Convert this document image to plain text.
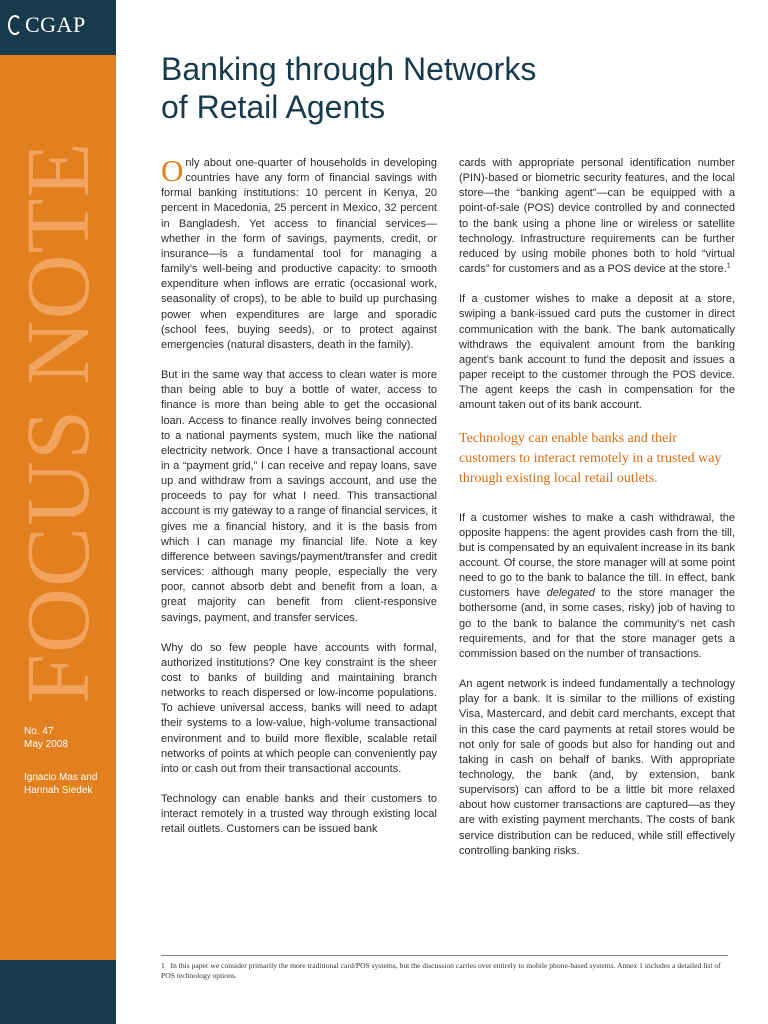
CGAP
FOCUS NOTE
No. 47
May 2008
Ignacio Mas and
Hannah Siedek
Banking through Networks
of Retail Agents

Only about one-quarter of households in developing countries have any form of financial savings with formal banking institutions: 10 percent in Kenya, 20 percent in Macedonia, 25 percent in Mexico, 32 percent in Bangladesh. Yet access to financial services—whether in the form of savings, payments, credit, or insurance—is a fundamental tool for managing a family’s well-being and productive capacity: to smooth expenditure when inflows are erratic (occasional work, seasonality of crops), to be able to build up purchasing power when expenditures are large and sporadic (school fees, buying seeds), or to protect against emergencies (natural disasters, death in the family).

But in the same way that access to clean water is more than being able to buy a bottle of water, access to finance is more than being able to get the occasional loan. Access to finance really involves being connected to a national payments system, much like the national electricity network. Once I have a transactional account in a “payment grid,” I can receive and repay loans, save up and withdraw from a savings account, and use the proceeds to pay for what I need. This transactional account is my gateway to a range of financial services, it gives me a financial history, and it is the basis from which I can manage my financial life. Note a key difference between savings/payment/transfer and credit services: although many people, especially the very poor, cannot absorb debt and benefit from a loan, a great majority can benefit from client-responsive savings, payment, and transfer services.

Why do so few people have accounts with formal, authorized institutions? One key constraint is the sheer cost to banks of building and maintaining branch networks to reach dispersed or low-income populations. To achieve universal access, banks will need to adapt their systems to a low-value, high-volume transactional environment and to build more flexible, scalable retail networks of points at which people can conveniently pay into or cash out from their transactional accounts.

Technology can enable banks and their customers to interact remotely in a trusted way through existing local retail outlets. Customers can be issued bank

cards with appropriate personal identification number (PIN)-based or biometric security features, and the local store—the “banking agent”—can be equipped with a point-of-sale (POS) device controlled by and connected to the bank using a phone line or wireless or satellite technology. Infrastructure requirements can be further reduced by using mobile phones both to hold “virtual cards” for customers and as a POS device at the store.$^1$

If a customer wishes to make a deposit at a store, swiping a bank-issued card puts the customer in direct communication with the bank. The bank automatically withdraws the equivalent amount from the banking agent’s bank account to fund the deposit and issues a paper receipt to the customer through the POS device. The agent keeps the cash in compensation for the amount taken out of its bank account.

Technology can enable banks and their customers to interact remotely in a trusted way through existing local retail outlets.

If a customer wishes to make a cash withdrawal, the opposite happens: the agent provides cash from the till, but is compensated by an equivalent increase in its bank account. Of course, the store manager will at some point need to go to the bank to balance the till. In effect, bank customers have delegated to the store manager the bothersome (and, in some cases, risky) job of having to go to the bank to balance the community’s net cash requirements, and for that the store manager gets a commission based on the number of transactions.

An agent network is indeed fundamentally a technology play for a bank. It is similar to the millions of existing Visa, Mastercard, and debit card merchants, except that in this case the card payments at retail stores would be not only for sale of goods but also for handing out and taking in cash on behalf of banks. With appropriate technology, the bank (and, by extension, bank supervisors) can afford to be a little bit more relaxed about how customer transactions are captured—as they are with existing payment merchants. The costs of bank service distribution can be reduced, while still effectively controlling banking risks.

1 In this paper we consider primarily the more traditional card/POS systems, but the discussion carries over entirely to mobile phone-based systems. Annex 1 includes a detailed list of POS technology options.
